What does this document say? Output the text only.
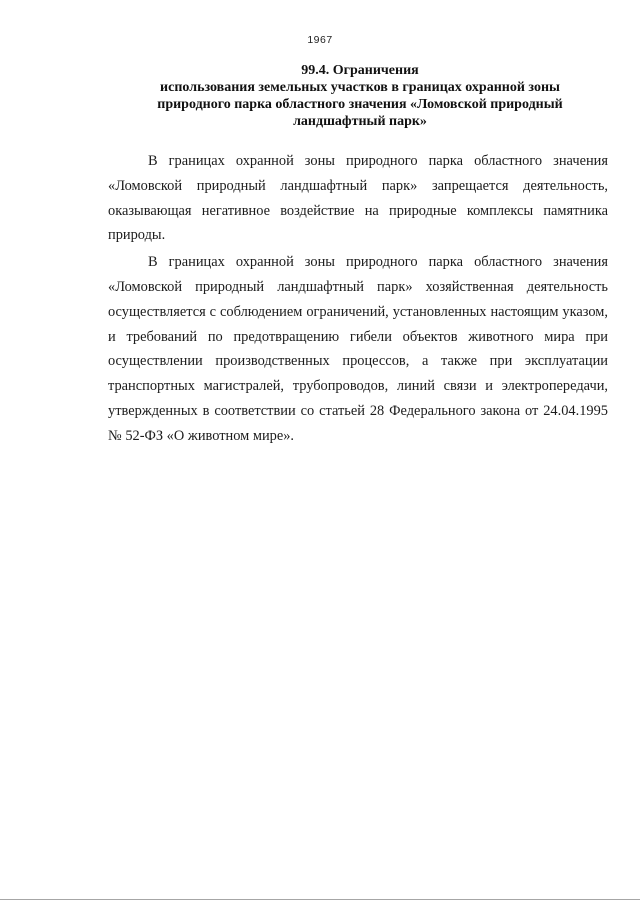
1967
99.4. Ограничения
использования земельных участков в границах охранной зоны
природного парка областного значения «Ломовской природный
ландшафтный парк»

В границах охранной зоны природного парка областного значения «Ломовской природный ландшафтный парк» запрещается деятельность, оказывающая негативное воздействие на природные комплексы памятника природы.

В границах охранной зоны природного парка областного значения «Ломовской природный ландшафтный парк» хозяйственная деятельность осуществляется с соблюдением ограничений, установленных настоящим указом, и требований по предотвращению гибели объектов животного мира при осуществлении производственных процессов, а также при эксплуатации транспортных магистралей, трубопроводов, линий связи и электропередачи, утвержденных в соответствии со статьей 28 Федерального закона от 24.04.1995 № 52-ФЗ «О животном мире».
